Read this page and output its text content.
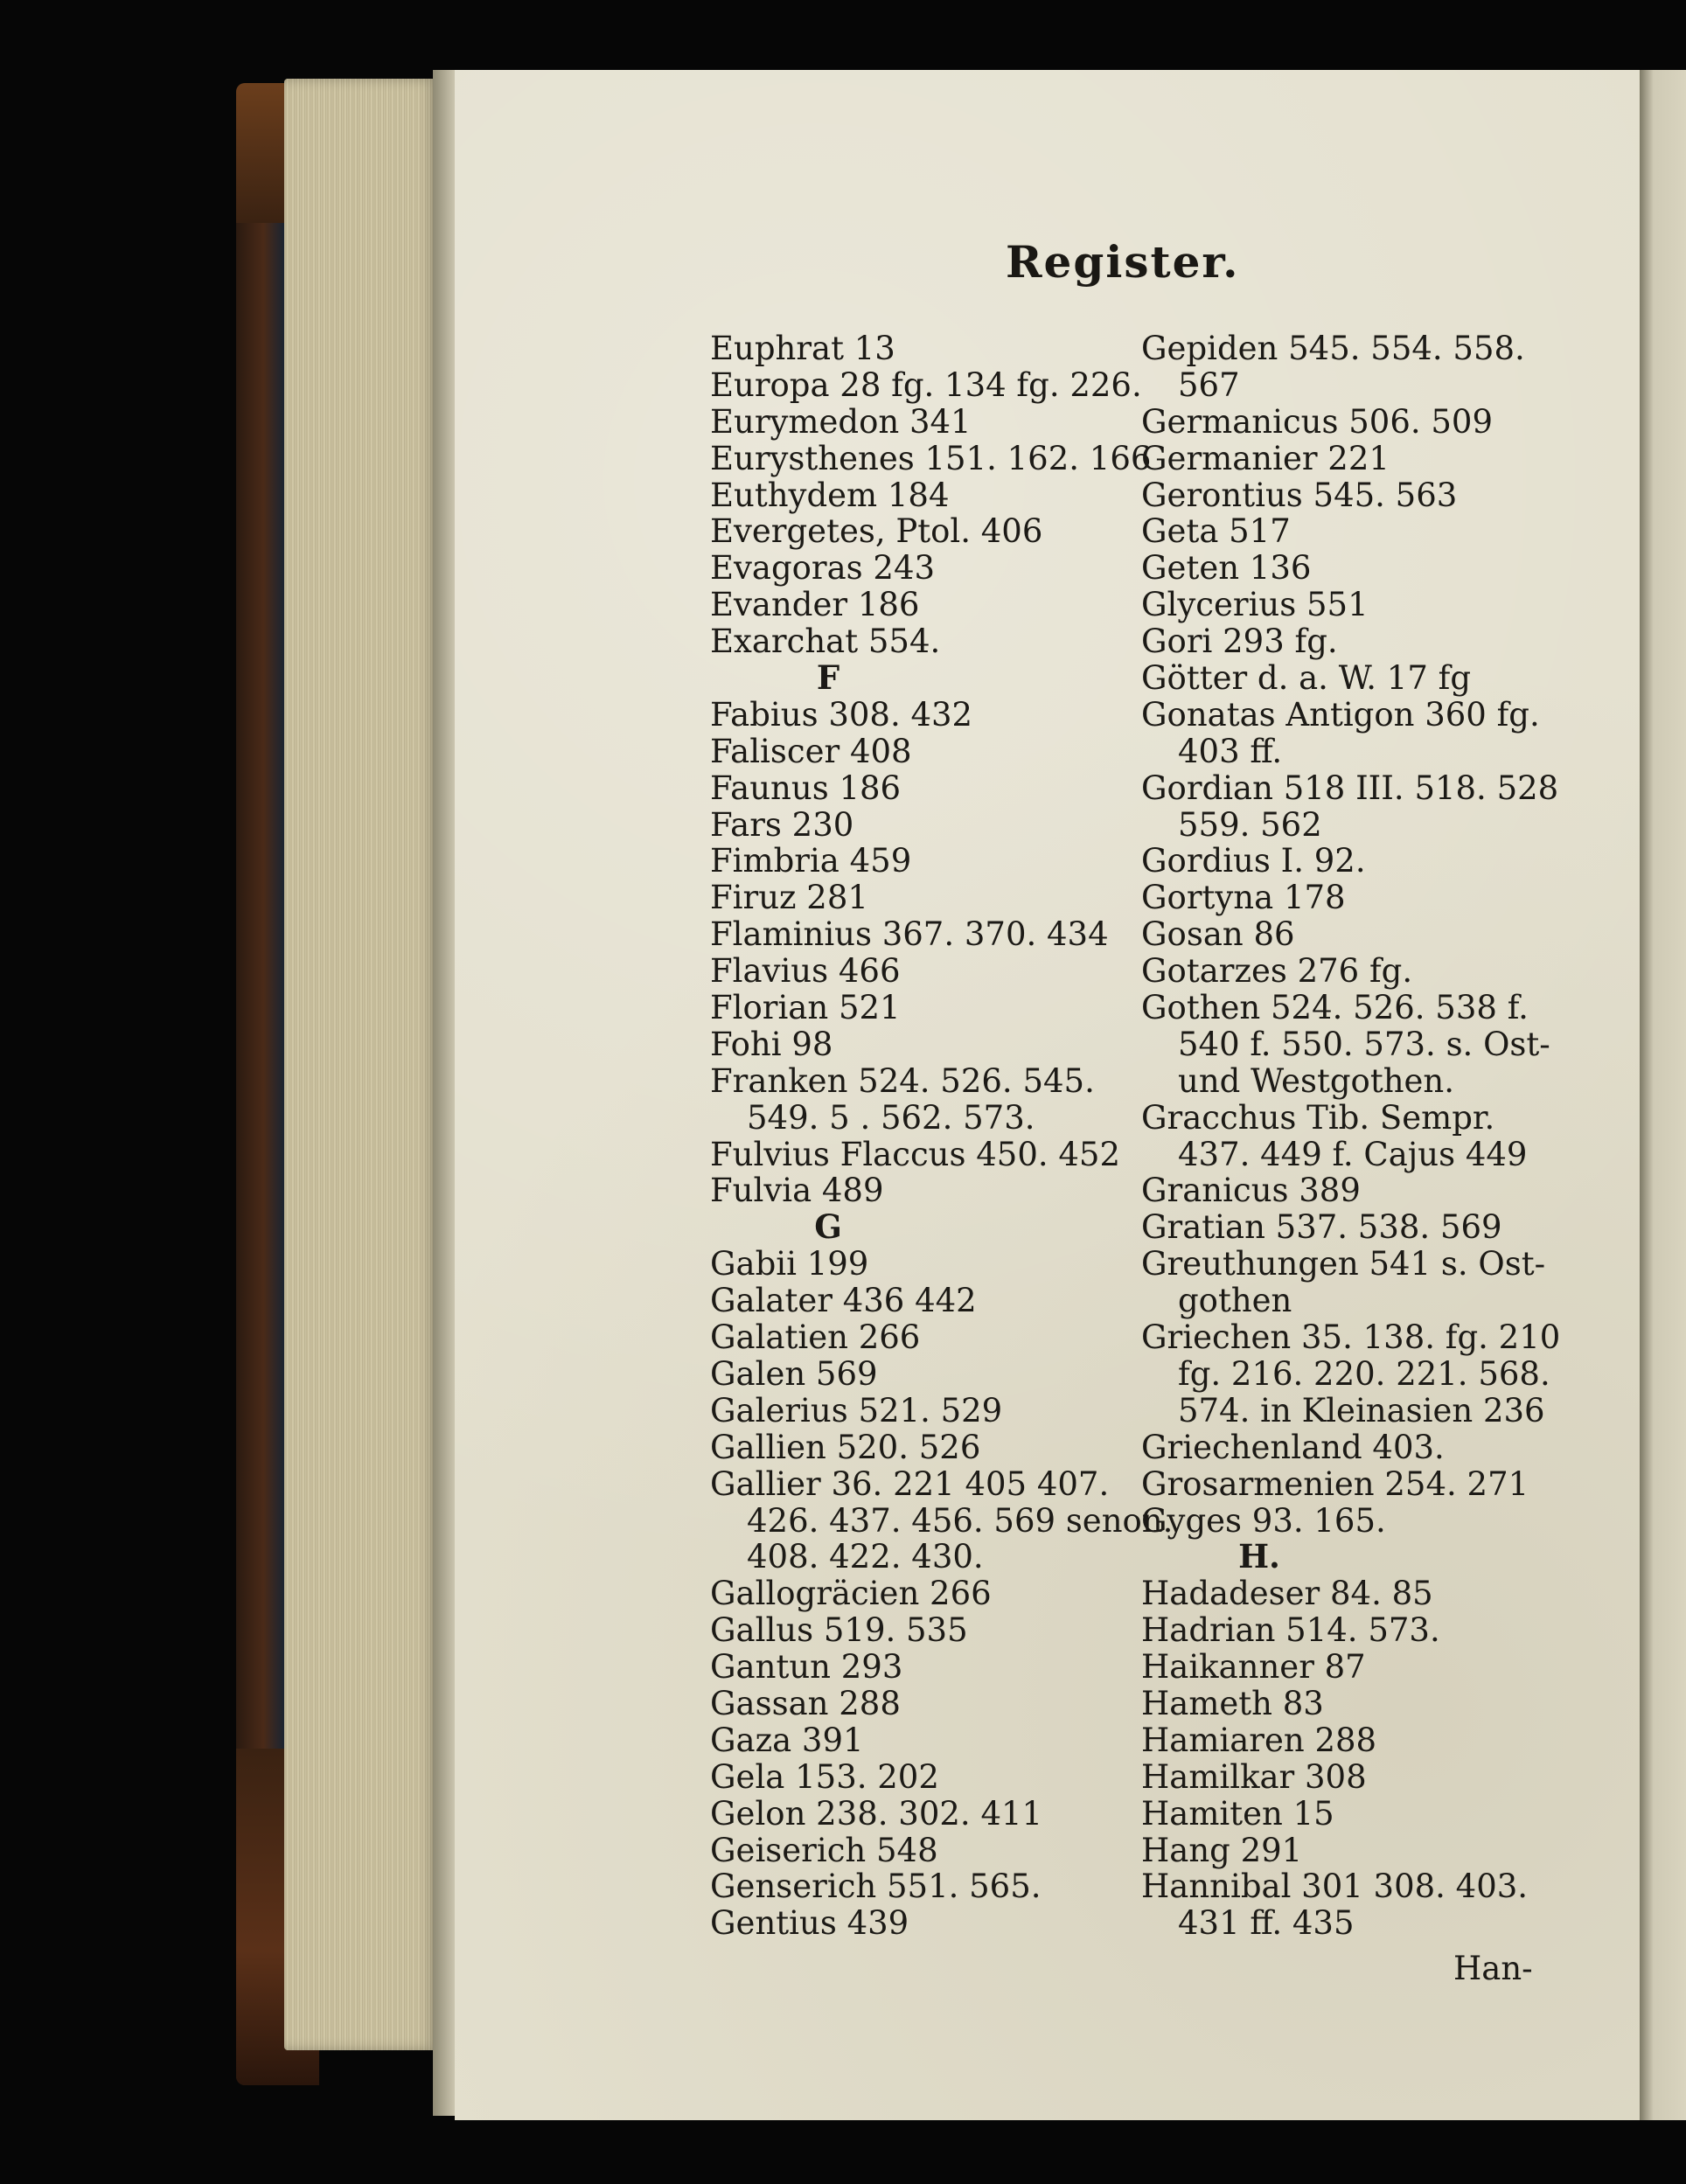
Register.
Euphrat 13
Europa 28 fg. 134 fg. 226.
Eurymedon 341
Eurysthenes 151. 162. 166
Euthydem 184
Evergetes, Ptol. 406
Evagoras 243
Evander 186
Exarchat 554.
F
Fabius 308. 432
Faliscer 408
Faunus 186
Fars 230
Fimbria 459
Firuz 281
Flaminius 367. 370. 434
Flavius 466
Florian 521
Fohi 98
Franken 524. 526. 545.
549. 5 . 562. 573.
Fulvius Flaccus 450. 452
Fulvia 489
G
Gabii 199
Galater 436 442
Galatien 266
Galen 569
Galerius 521. 529
Gallien 520. 526
Gallier 36. 221 405 407.
426. 437. 456. 569 senon.
408. 422. 430.
Gallogräcien 266
Gallus 519. 535
Gantun 293
Gassan 288
Gaza 391
Gela 153. 202
Gelon 238. 302. 411
Geiserich 548
Genserich 551. 565.
Gentius 439
Gepiden 545. 554. 558.
567
Germanicus 506. 509
Germanier 221
Gerontius 545. 563
Geta 517
Geten 136
Glycerius 551
Gori 293 fg.
Götter d. a. W. 17 fg
Gonatas Antigon 360 fg.
403 ff.
Gordian 518 III. 518. 528
559. 562
Gordius I. 92.
Gortyna 178
Gosan 86
Gotarzes 276 fg.
Gothen 524. 526. 538 f.
540 f. 550. 573. s. Ost-
und Westgothen.
Gracchus Tib. Sempr.
437. 449 f. Cajus 449
Granicus 389
Gratian 537. 538. 569
Greuthungen 541 s. Ost-
gothen
Griechen 35. 138. fg. 210
fg. 216. 220. 221. 568.
574. in Kleinasien 236
Griechenland 403.
Grosarmenien 254. 271
Gyges 93. 165.
H.
Hadadeser 84. 85
Hadrian 514. 573.
Haikanner 87
Hameth 83
Hamiaren 288
Hamilkar 308
Hamiten 15
Hang 291
Hannibal 301 308. 403.
431 ff. 435
Han-
